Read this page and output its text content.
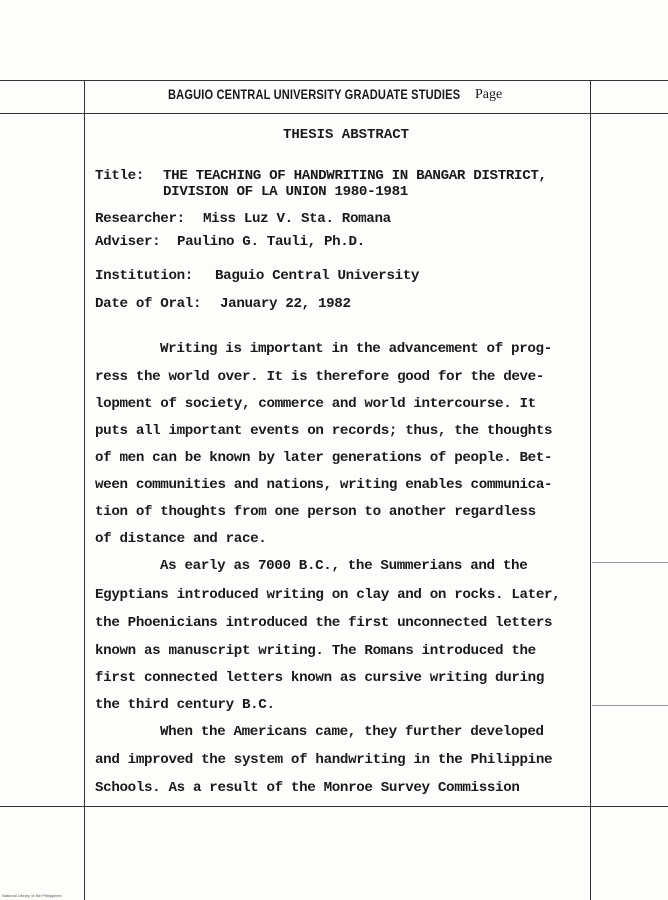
BAGUIO CENTRAL UNIVERSITY GRADUATE STUDIES Page
THESIS ABSTRACT
Title: THE TEACHING OF HANDWRITING IN BANGAR DISTRICT,
DIVISION OF LA UNION 1980-1981
Researcher: Miss Luz V. Sta. Romana
Adviser: Paulino G. Tauli, Ph.D.
Institution: Baguio Central University
Date of Oral: January 22, 1982
Writing is important in the advancement of prog-
ress the world over. It is therefore good for the deve-
lopment of society, commerce and world intercourse. It
puts all important events on records; thus, the thoughts
of men can be known by later generations of people. Bet-
ween communities and nations, writing enables communica-
tion of thoughts from one person to another regardless
of distance and race.
As early as 7000 B.C., the Summerians and the
Egyptians introduced writing on clay and on rocks. Later,
the Phoenicians introduced the first unconnected letters
known as manuscript writing. The Romans introduced the
first connected letters known as cursive writing during
the third century B.C.
When the Americans came, they further developed
and improved the system of handwriting in the Philippine
Schools. As a result of the Monroe Survey Commission
National Library of the Philippines
